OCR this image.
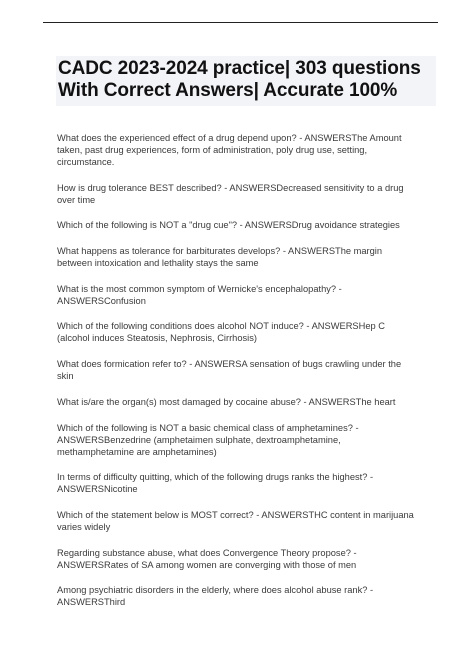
CADC 2023-2024 practice| 303 questions
With Correct Answers| Accurate 100%
What does the experienced effect of a drug depend upon? - ANSWERSThe Amount
taken, past drug experiences, form of administration, poly drug use, setting,
circumstance.
How is drug tolerance BEST described? - ANSWERSDecreased sensitivity to a drug
over time
Which of the following is NOT a "drug cue"? - ANSWERSDrug avoidance strategies
What happens as tolerance for barbiturates develops? - ANSWERSThe margin
between intoxication and lethality stays the same
What is the most common symptom of Wernicke's encephalopathy? -
ANSWERSConfusion
Which of the following conditions does alcohol NOT induce? - ANSWERSHep C
(alcohol induces Steatosis, Nephrosis, Cirrhosis)
What does formication refer to? - ANSWERSA sensation of bugs crawling under the
skin
What is/are the organ(s) most damaged by cocaine abuse? - ANSWERSThe heart
Which of the following is NOT a basic chemical class of amphetamines? -
ANSWERSBenzedrine (amphetaimen sulphate, dextroamphetamine,
methamphetamine are amphetamines)
In terms of difficulty quitting, which of the following drugs ranks the highest? -
ANSWERSNicotine
Which of the statement below is MOST correct? - ANSWERSTHC content in marijuana
varies widely
Regarding substance abuse, what does Convergence Theory propose? -
ANSWERSRates of SA among women are converging with those of men
Among psychiatric disorders in the elderly, where does alcohol abuse rank? -
ANSWERSThird
